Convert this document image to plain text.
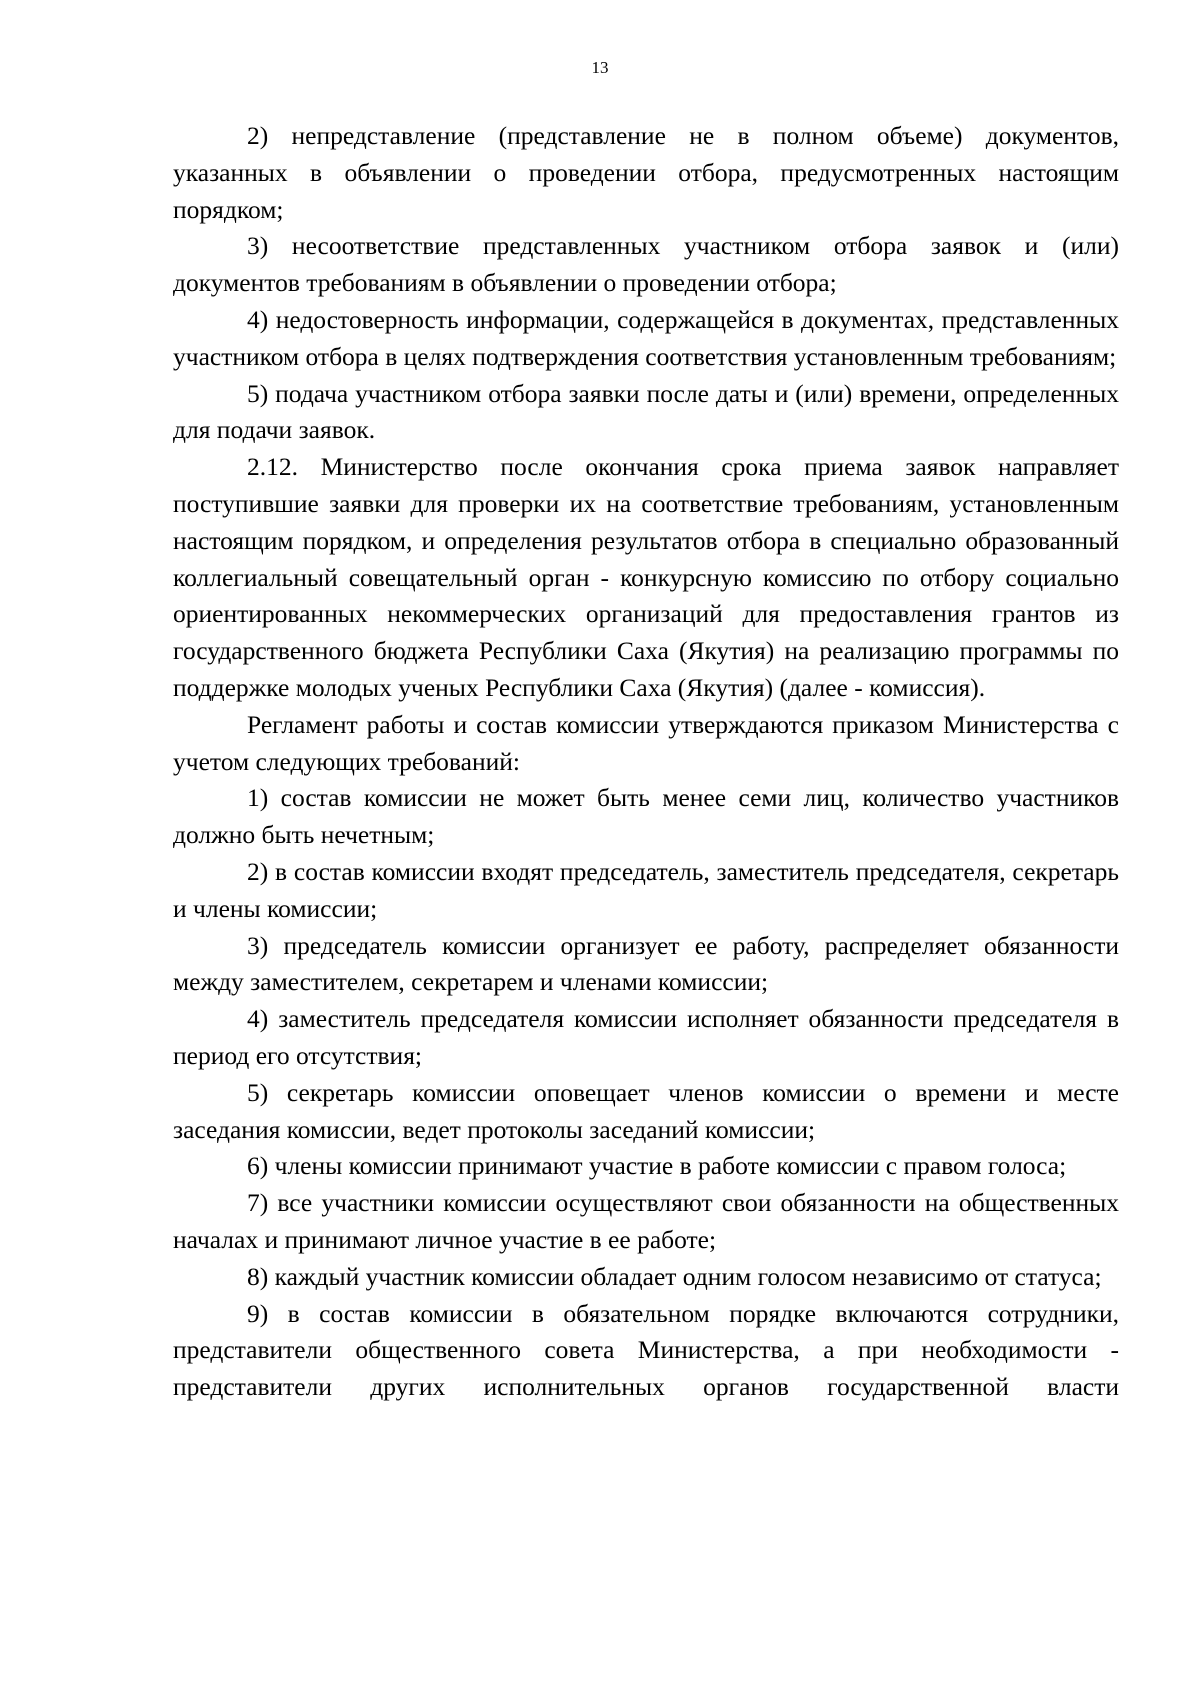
13

2) непредставление (представление не в полном объеме) документов, указанных в объявлении о проведении отбора, предусмотренных настоящим порядком;

3) несоответствие представленных участником отбора заявок и (или) документов требованиям в объявлении о проведении отбора;

4) недостоверность информации, содержащейся в документах, представленных участником отбора в целях подтверждения соответствия установленным требованиям;

5) подача участником отбора заявки после даты и (или) времени, определенных для подачи заявок.

2.12. Министерство после окончания срока приема заявок направляет поступившие заявки для проверки их на соответствие требованиям, установленным настоящим порядком, и определения результатов отбора в специально образованный коллегиальный совещательный орган - конкурсную комиссию по отбору социально ориентированных некоммерческих организаций для предоставления грантов из государственного бюджета Республики Саха (Якутия) на реализацию программы по поддержке молодых ученых Республики Саха (Якутия) (далее - комиссия).

Регламент работы и состав комиссии утверждаются приказом Министерства с учетом следующих требований:

1) состав комиссии не может быть менее семи лиц, количество участников должно быть нечетным;

2) в состав комиссии входят председатель, заместитель председателя, секретарь и члены комиссии;

3) председатель комиссии организует ее работу, распределяет обязанности между заместителем, секретарем и членами комиссии;

4) заместитель председателя комиссии исполняет обязанности председателя в период его отсутствия;

5) секретарь комиссии оповещает членов комиссии о времени и месте заседания комиссии, ведет протоколы заседаний комиссии;

6) члены комиссии принимают участие в работе комиссии с правом голоса;

7) все участники комиссии осуществляют свои обязанности на общественных началах и принимают личное участие в ее работе;

8) каждый участник комиссии обладает одним голосом независимо от статуса;

9) в состав комиссии в обязательном порядке включаются сотрудники, представители общественного совета Министерства, а при необходимости - представители других исполнительных органов государственной власти
